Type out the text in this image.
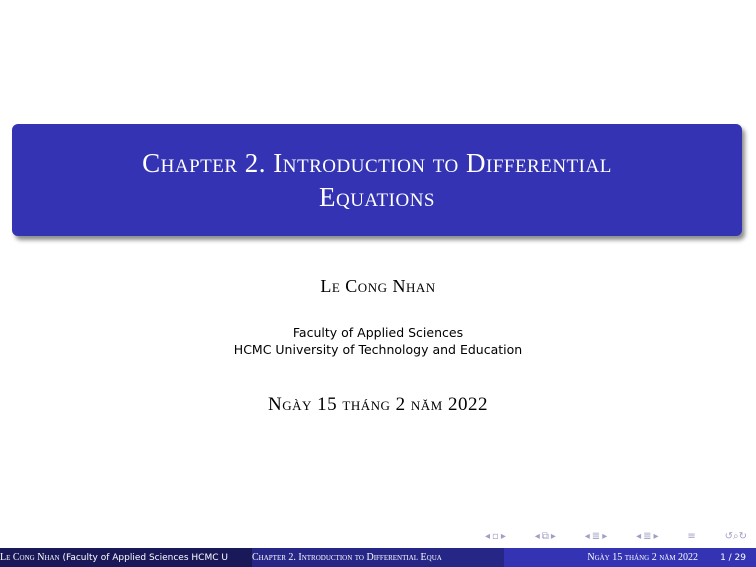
Chapter 2. Introduction to Differential
Equations
Le Cong Nhan
Faculty of Applied Sciences
HCMC University of Technology and Education
Ngày 15 tháng 2 năm 2022
◂ ▫ ▸	◂ ⧉ ▸	◂ ≣ ▸	◂ ≣ ▸	≡	↺⌕↻
Le Cong Nhan
(Faculty of Applied Sciences HCMC U Chapter 2. Introduction to Differential Equa	Ngày 15 tháng 2 năm 2022 1 / 29
